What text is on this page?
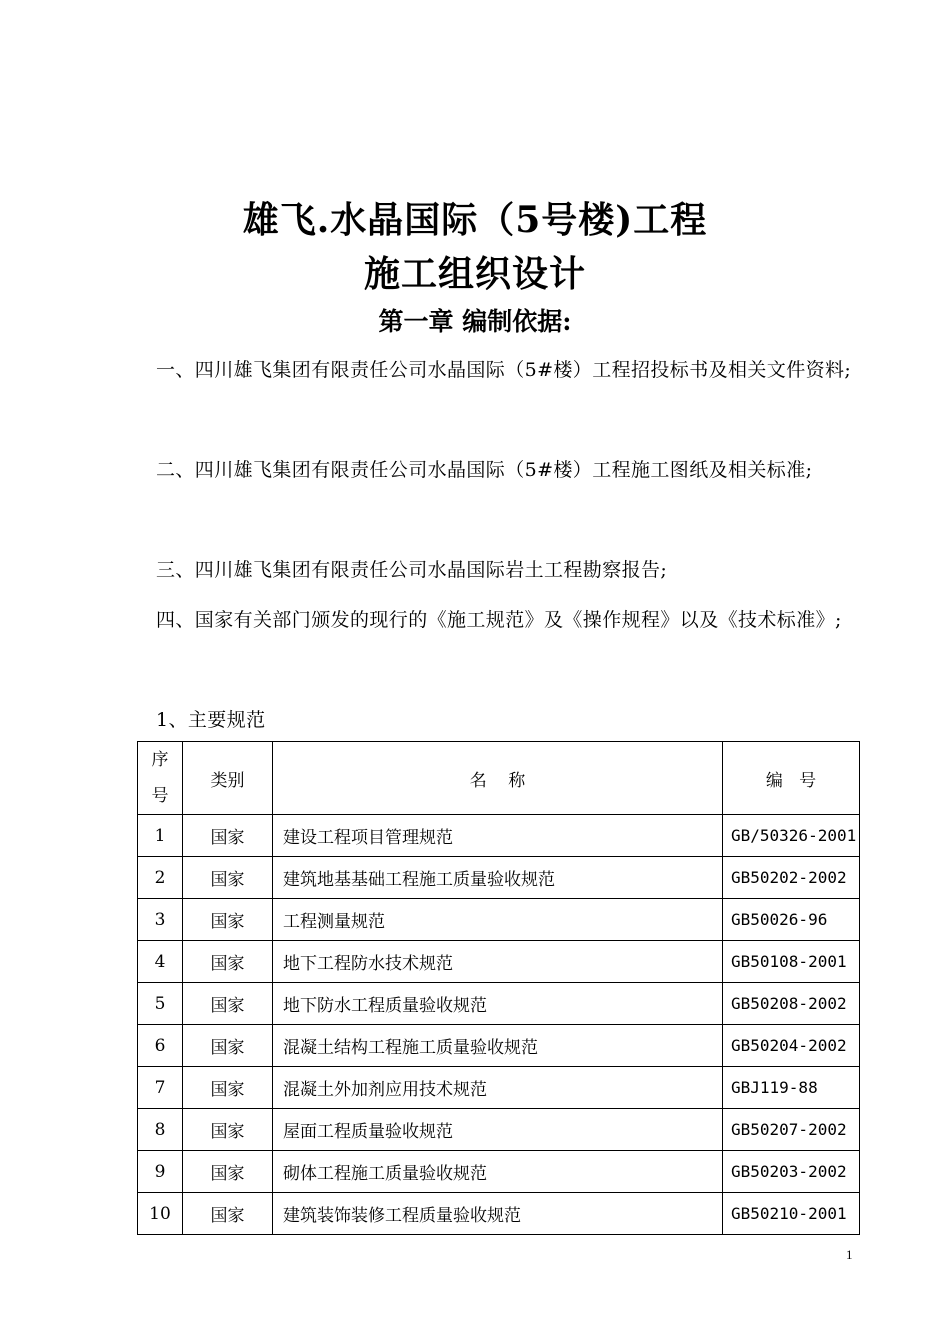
雄飞.水晶国际（5号楼)工程
施工组织设计
第一章 编制依据:
一、四川雄飞集团有限责任公司水晶国际（5#楼）工程招投标书及相关文件资料;
二、四川雄飞集团有限责任公司水晶国际（5#楼）工程施工图纸及相关标准;
三、四川雄飞集团有限责任公司水晶国际岩土工程勘察报告;
四、国家有关部门颁发的现行的《施工规范》及《操作规程》以及《技术标准》;
1、主要规范
序
号	类别	名    称	编   号
1	国家	建设工程项目管理规范	GB/50326-2001
2	国家	建筑地基基础工程施工质量验收规范	GB50202-2002
3	国家	工程测量规范	GB50026-96
4	国家	地下工程防水技术规范	GB50108-2001
5	国家	地下防水工程质量验收规范	GB50208-2002
6	国家	混凝土结构工程施工质量验收规范	GB50204-2002
7	国家	混凝土外加剂应用技术规范	GBJ119-88
8	国家	屋面工程质量验收规范	GB50207-2002
9	国家	砌体工程施工质量验收规范	GB50203-2002
10	国家	建筑装饰装修工程质量验收规范	GB50210-2001
1
